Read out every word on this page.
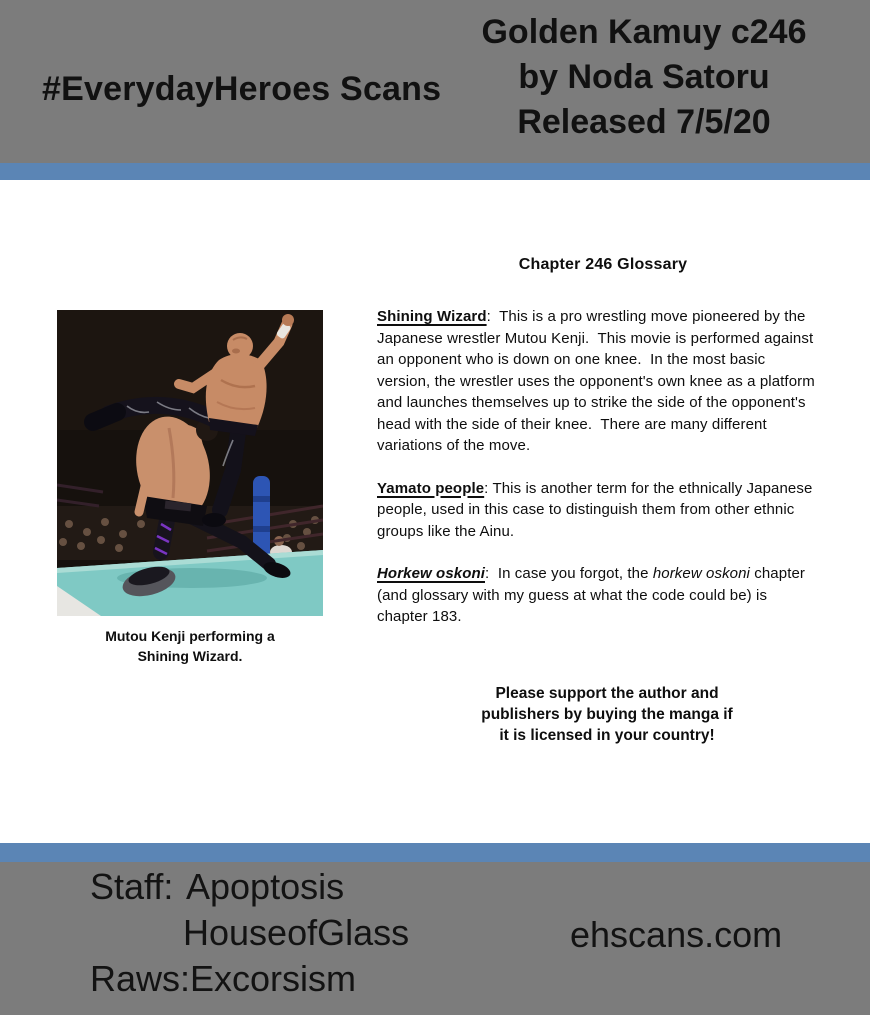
#EverydayHeroes Scans
Golden Kamuy c246
by Noda Satoru
Released 7/5/20
Chapter 246 Glossary
Mutou Kenji performing a
Shining Wizard.

Shining Wizard:  This is a pro wrestling move pioneered by the Japanese wrestler Mutou Kenji.  This movie is performed against an opponent who is down on one knee.  In the most basic version, the wrestler uses the opponent's own knee as a platform and launches themselves up to strike the side of the opponent's head with the side of their knee.  There are many different variations of the move.

Yamato people: This is another term for the ethnically Japanese people, used in this case to distinguish them from other ethnic groups like the Ainu.

Horkew oskoni:  In case you forgot, the horkew oskoni chapter (and glossary with my guess at what the code could be) is chapter 183.

Please support the author and
publishers by buying the manga if
it is licensed in your country!
Staff: Apoptosis
HouseofGlass
Raws: Excorsism
ehscans.com
